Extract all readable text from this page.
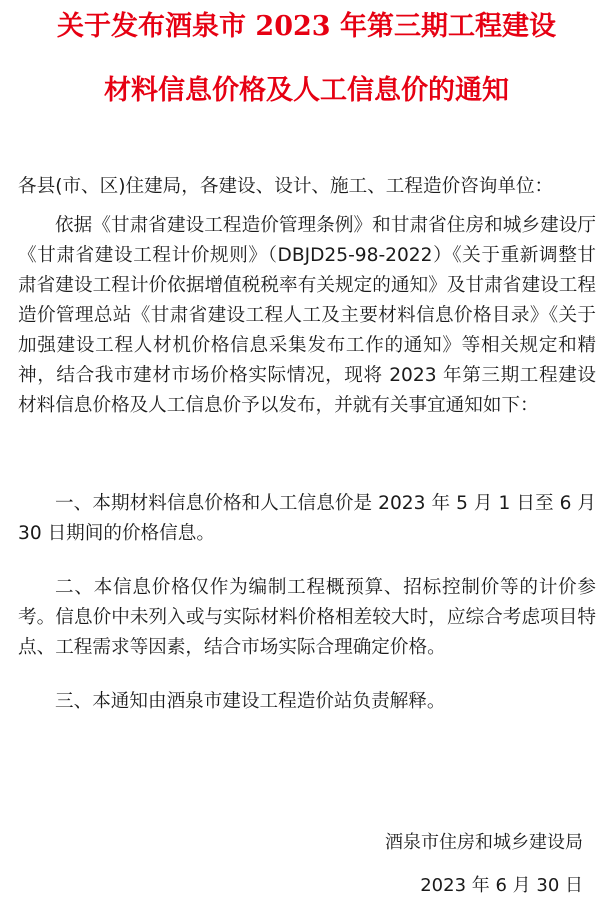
关于发布酒泉市 2023 年第三期工程建设
材料信息价格及人工信息价的通知
各县(市、区)住建局，各建设、设计、施工、工程造价咨询单位：
依据《甘肃省建设工程造价管理条例》和甘肃省住房和城乡建设厅《甘肃省建设工程计价规则》（DBJD25-98-2022）《关于重新调整甘肃省建设工程计价依据增值税税率有关规定的通知》及甘肃省建设工程造价管理总站《甘肃省建设工程人工及主要材料信息价格目录》《关于加强建设工程人材机价格信息采集发布工作的通知》等相关规定和精神，结合我市建材市场价格实际情况，现将 2023 年第三期工程建设材料信息价格及人工信息价予以发布，并就有关事宜通知如下：
一、本期材料信息价格和人工信息价是 2023 年 5 月 1 日至 6 月 30 日期间的价格信息。
二、本信息价格仅作为编制工程概预算、招标控制价等的计价参考。信息价中未列入或与实际材料价格相差较大时，应综合考虑项目特点、工程需求等因素，结合市场实际合理确定价格。
三、本通知由酒泉市建设工程造价站负责解释。
酒泉市住房和城乡建设局
2023 年 6 月 30 日
